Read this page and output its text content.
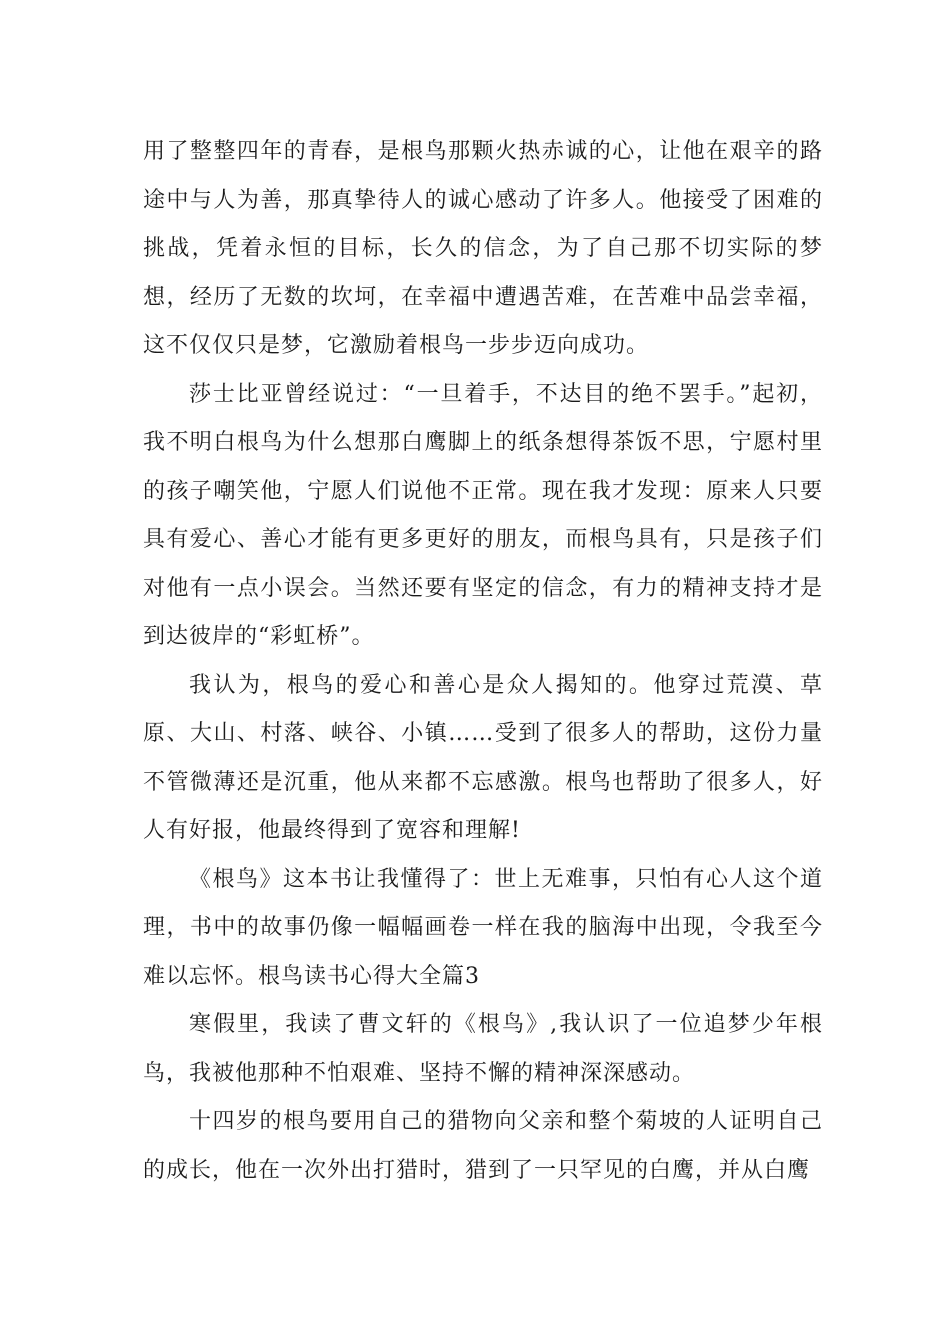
用了整整四年的青春，是根鸟那颗火热赤诚的心，让他在艰辛的路途中与人为善，那真挚待人的诚心感动了许多人。他接受了困难的挑战，凭着永恒的目标，长久的信念，为了自己那不切实际的梦想，经历了无数的坎坷，在幸福中遭遇苦难，在苦难中品尝幸福，这不仅仅只是梦，它激励着根鸟一步步迈向成功。

莎士比亚曾经说过：“一旦着手，不达目的绝不罢手。”起初，我不明白根鸟为什么想那白鹰脚上的纸条想得茶饭不思，宁愿村里的孩子嘲笑他，宁愿人们说他不正常。现在我才发现：原来人只要具有爱心、善心才能有更多更好的朋友，而根鸟具有，只是孩子们对他有一点小误会。当然还要有坚定的信念，有力的精神支持才是到达彼岸的“彩虹桥”。

我认为，根鸟的爱心和善心是众人揭知的。他穿过荒漠、草原、大山、村落、峡谷、小镇……受到了很多人的帮助，这份力量不管微薄还是沉重，他从来都不忘感激。根鸟也帮助了很多人，好人有好报，他最终得到了宽容和理解!

《根鸟》这本书让我懂得了：世上无难事，只怕有心人这个道理，书中的故事仍像一幅幅画卷一样在我的脑海中出现，令我至今难以忘怀。根鸟读书心得大全篇3

寒假里，我读了曹文轩的《根鸟》,我认识了一位追梦少年根鸟，我被他那种不怕艰难、坚持不懈的精神深深感动。

十四岁的根鸟要用自己的猎物向父亲和整个菊坡的人证明自己的成长，他在一次外出打猎时，猎到了一只罕见的白鹰，并从白鹰
